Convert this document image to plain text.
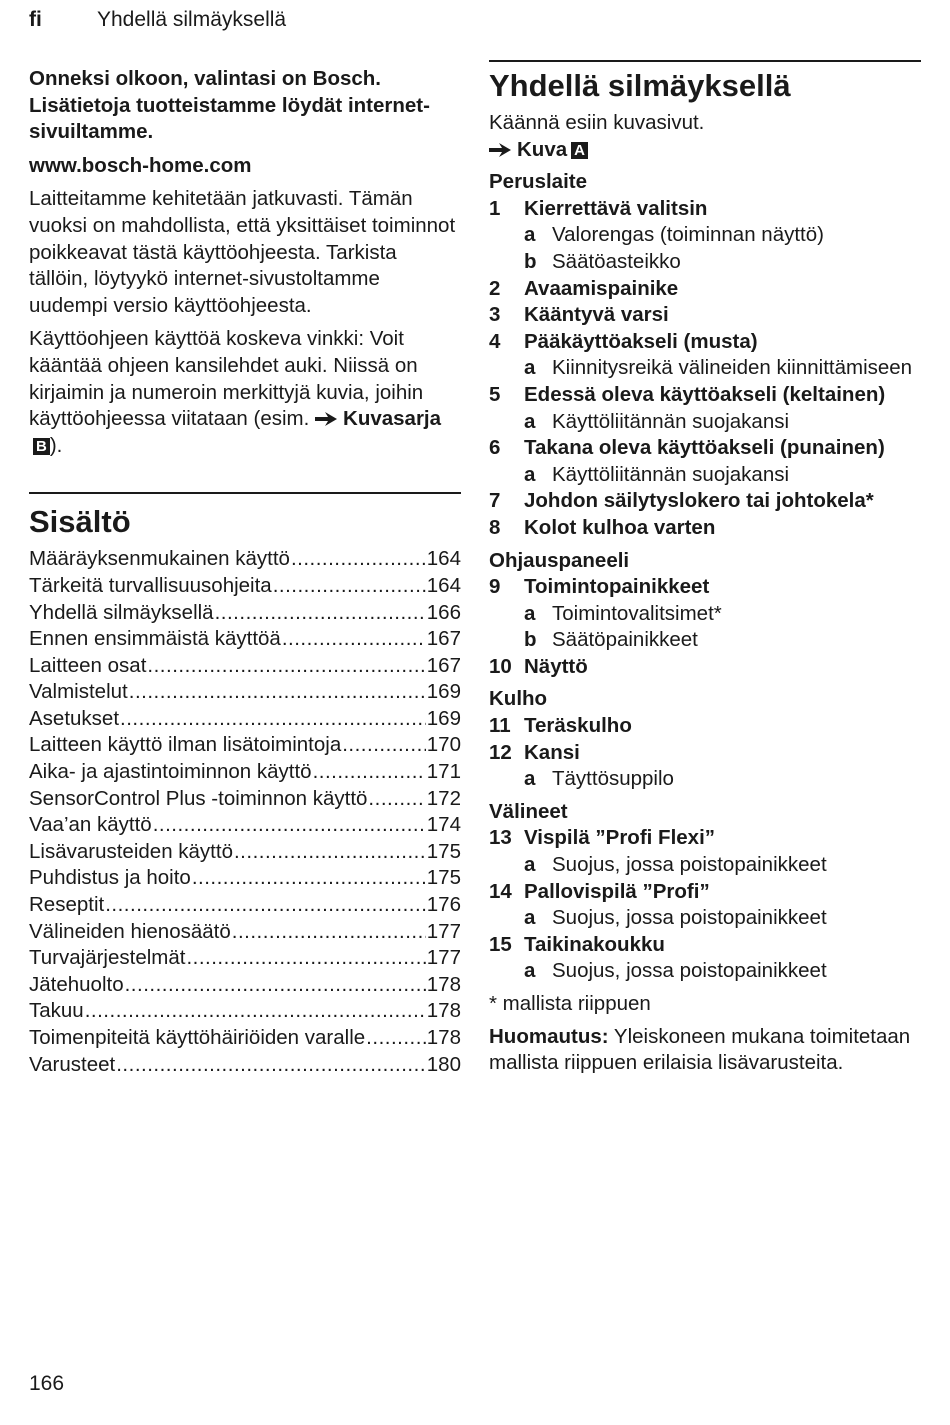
fi	Yhdellä silmäyksellä

Onneksi olkoon, valintasi on Bosch. Lisätietoja tuotteistamme löydät internet-sivuiltamme.

www.bosch-home.com

Laitteitamme kehitetään jatkuvasti. Tämän vuoksi on mahdollista, että yksittäiset toiminnot poikkeavat tästä käyttöohjeesta. Tarkista tällöin, löytyykö internet-sivustoltamme uudempi versio käyttöohjeesta.

Käyttöohjeen käyttöä koskeva vinkki: Voit kääntää ohjeen kansilehdet auki. Niissä on kirjaimin ja numeroin merkittyjä kuvia, joihin käyttöohjeessa viitataan (esim. KuvasarjaB ).

Sisältö
Määräyksenmukainen käyttö .....	164
Tärkeitä turvallisuusohjeita .....	164
Yhdellä silmäyksellä .....	166
Ennen ensimmäistä käyttöä .....	167
Laitteen osat .....	167
Valmistelut .....	169
Asetukset .....	169
Laitteen käyttö ilman lisätoimintoja .....	170
Aika- ja ajastintoiminnon käyttö .....	171
SensorControl Plus -toiminnon käyttö .....	172
Vaa’an käyttö .....	174
Lisävarusteiden käyttö .....	175
Puhdistus ja hoito .....	175
Reseptit .....	176
Välineiden hienosäätö .....	177
Turvajärjestelmät .....	177
Jätehuolto .....	178
Takuu .....	178
Toimenpiteitä käyttöhäiriöiden varalle .....	178
Varusteet .....	180
Yhdellä silmäyksellä
Käännä esiin kuvasivut.
Kuva A
Peruslaite
1	Kierrettävä valitsin
a Valorengas (toiminnan näyttö)
b Säätöasteikko
2	Avaamispainike
3	Kääntyvä varsi
4	Pääkäyttöakseli (musta)
a Kiinnitysreikä välineiden kiinnittämiseen
5	Edessä oleva käyttöakseli (keltainen)
a Käyttöliitännän suojakansi
6	Takana oleva käyttöakseli (punainen)
a Käyttöliitännän suojakansi
7	Johdon säilytyslokero tai johtokela*
8	Kolot kulhoa varten
Ohjauspaneeli
9	Toimintopainikkeet
a Toimintovalitsimet*
b Säätöpainikkeet
10 Näyttö
Kulho
11 Teräskulho
12 Kansi
a Täyttösuppilo
Välineet
13 Vispilä ”Profi Flexi”
a Suojus, jossa poistopainikkeet
14 Pallovispilä ”Profi”
a Suojus, jossa poistopainikkeet
15 Taikinakoukku
a Suojus, jossa poistopainikkeet
* mallista riippuen
Huomautus: Yleiskoneen mukana toimitetaan mallista riippuen erilaisia lisävarusteita.
166
